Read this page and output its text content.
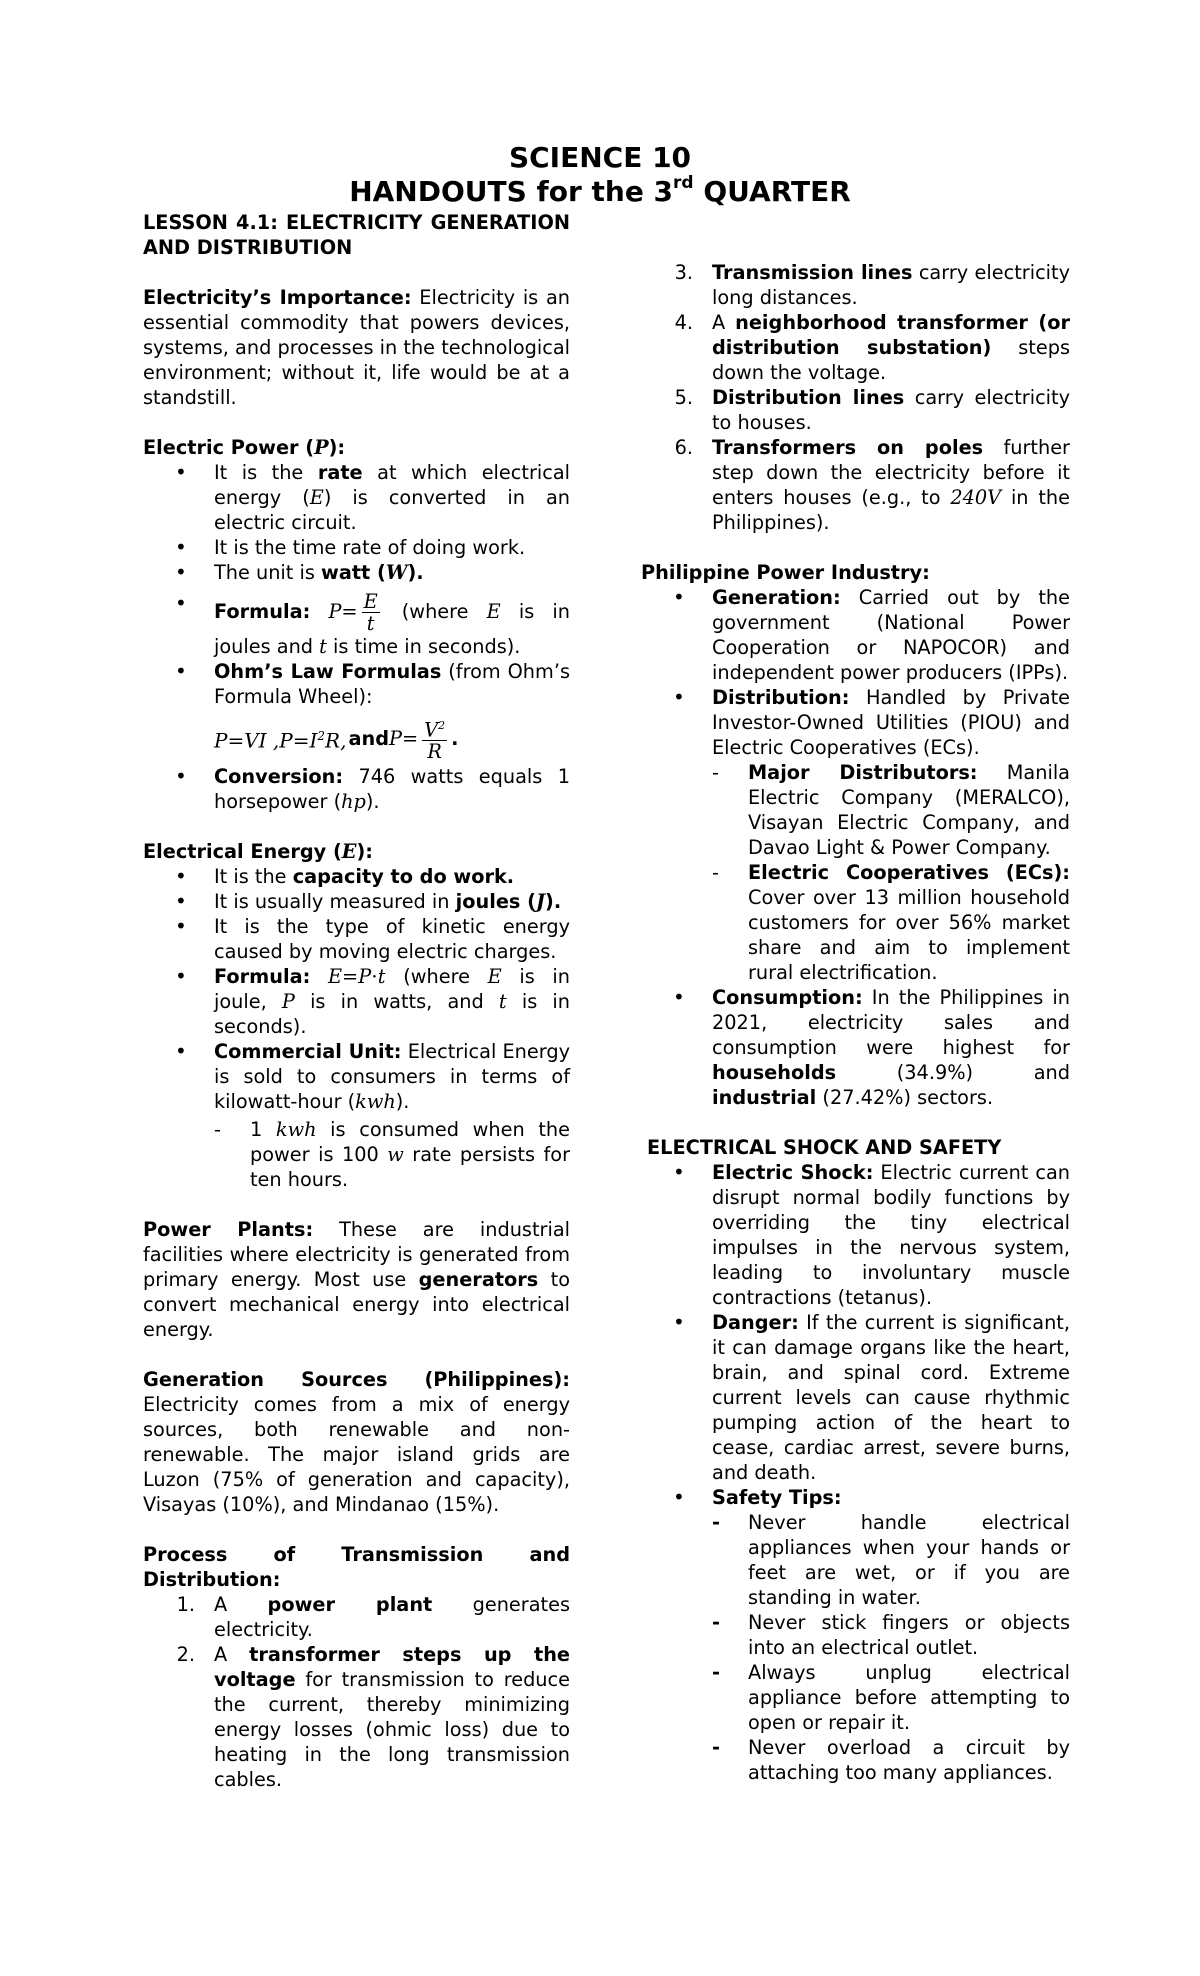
SCIENCE 10
HANDOUTS for the 3rd QUARTER

LESSON 4.1: ELECTRICITY GENERATION AND DISTRIBUTION

Electricity’s Importance: Electricity is an essential commodity that powers devices, systems, and processes in the technological environment; without it, life would be at a standstill.

Electric Power (P):

• It is the rate at which electrical energy (E) is converted in an electric circuit.
• It is the time rate of doing work.
• The unit is watt (W).
• Formula: $P= \frac{E}{t}$ (where E is in joules and t is time in seconds).
• Ohm’s Law Formulas (from Ohm’s Formula Wheel):
P=VI $,P=I^2R$, and $P= \frac{V^2}{R}$ .
• Conversion: 746 watts equals 1 horsepower (hp).

Electrical Energy (E):

• It is the capacity to do work.
• It is usually measured in joules (J).
• It is the type of kinetic energy caused by moving electric charges.
• Formula: E=P⋅t (where E is in joule, P is in watts, and t is in seconds).
• Commercial Unit: Electrical Energy is sold to consumers in terms of kilowatt-hour (kwh).
- 1 kwh is consumed when the power is 100 w rate persists for ten hours.

Power Plants: These are industrial facilities where electricity is generated from primary energy. Most use generators to convert mechanical energy into electrical energy.

Generation Sources (Philippines): Electricity comes from a mix of energy sources, both renewable and non-renewable. The major island grids are Luzon (75% of generation and capacity), Visayas (10%), and Mindanao (15%).

Process of Transmission and Distribution:

1. A power plant generates electricity.
2. A transformer steps up the voltage for transmission to reduce the current, thereby minimizing energy losses (ohmic loss) due to heating in the long transmission cables.
3. Transmission lines carry electricity long distances.
4. A neighborhood transformer (or distribution substation) steps down the voltage.
5. Distribution lines carry electricity to houses.
6. Transformers on poles further step down the electricity before it enters houses (e.g., to 240V in the Philippines).

Philippine Power Industry:

• Generation: Carried out by the government (National Power Cooperation or NAPOCOR) and independent power producers (IPPs).
• Distribution: Handled by Private Investor-Owned Utilities (PIOU) and Electric Cooperatives (ECs).
- Major Distributors: Manila Electric Company (MERALCO), Visayan Electric Company, and Davao Light & Power Company.
- Electric Cooperatives (ECs): Cover over 13 million household customers for over 56% market share and aim to implement rural electrification.
• Consumption: In the Philippines in 2021, electricity sales and consumption were highest for households (34.9%) and industrial (27.42%) sectors.

ELECTRICAL SHOCK AND SAFETY

• Electric Shock: Electric current can disrupt normal bodily functions by overriding the tiny electrical impulses in the nervous system, leading to involuntary muscle contractions (tetanus).
• Danger: If the current is significant, it can damage organs like the heart, brain, and spinal cord. Extreme current levels can cause rhythmic pumping action of the heart to cease, cardiac arrest, severe burns, and death.
• Safety Tips:
- Never handle electrical appliances when your hands or feet are wet, or if you are standing in water.
- Never stick fingers or objects into an electrical outlet.
- Always unplug electrical appliance before attempting to open or repair it.
- Never overload a circuit by attaching too many appliances.
